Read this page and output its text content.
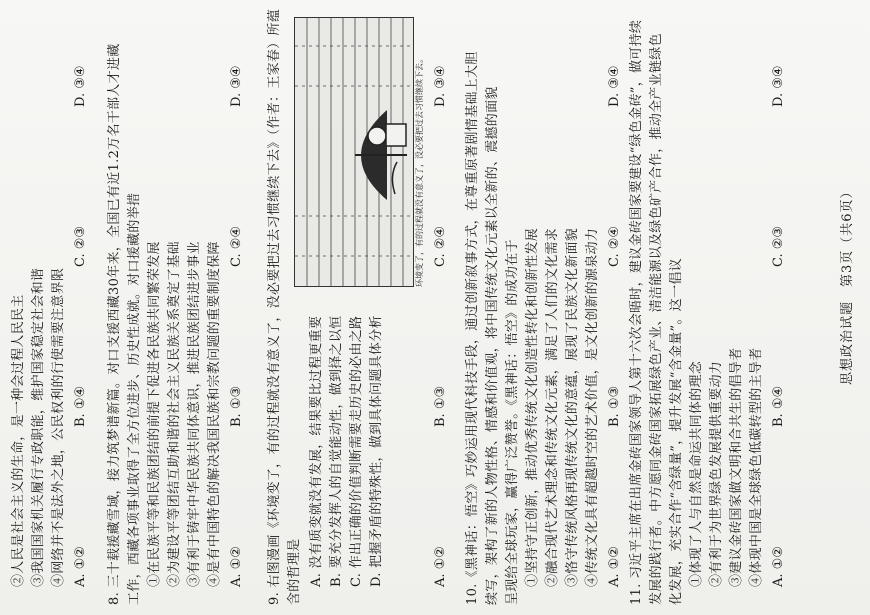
②人民是社会主义的生命，是一种会过程人民民主 ③我国国家机关履行专政职能，维护国家稳定社会和谐 ④网络并不是法外之地，公民权利的行使需要注意界限 A. ①②
B. ①④
C. ②③
D. ③④ 8. 三十载援藏雪域，接力筑梦谱新篇。对口支援西藏30年来，全国已有近1.2万名干部人才进藏 工作，西藏各项事业取得了全方位进步、历史性成就。对口援藏的举措 ①在民族平等和民族团结的前提下促进各民族共同繁荣发展 ②为建设平等团结互助和谐的社会主义民族关系奠定了基础 ③有利于铸牢中华民族共同体意识，推进民族团结进步事业 ④是有中国特色的解决我国民族和宗教问题的重要制度保障 A. ①②
B. ①③
C. ②④
D. ③④ 9. 右图漫画《环境变了，有的过程就没有意义了，没必要把过去习惯继续下去》（作者：王家春）所蕴 含的哲理是 A. 没有质变就没有发展，结果要比过程更重要 B. 要充分发挥人的自觉能动性，做到择之以恒 C. 作出正确的价值判断需要走历史的必由之路 D. 把握矛盾的特殊性，做到具体问题具体分析
环境变了，有的过程就没有意义了，没必要把过去习惯继续下去。
A. ①②
B. ①③
C. ②④
D. ③④ 10.《黑神话：悟空》巧妙运用现代科技手段，通过创新叙事方式，在尊重原著剧情基础上大胆 续写，架构了新的人物性格、情感和价值观，将中国传统文化元素以全新的、震撼的面貌 呈现给全球玩家，赢得广泛赞誉。《黑神话：悟空》的成功在于 ①坚持守正创新，推动优秀传统文化创造性转化和创新性发展 ②融合现代艺术理念和传统文化元素，满足了人们的文化需求 ③恪守传统风格再现传统文化的意蕴，展现了民族文化新面貌 ④传统文化具有超越时空的艺术价值，是文化创新的源泉动力 A. ①②
B. ①③
C. ②④
D. ③④ 11. 习近平主席在出席金砖国家领导人第十六次会晤时，建议金砖国家要建设“绿色金砖”，做可持续 发展的践行者。中方愿同金砖国家拓展绿色产业、清洁能源以及绿色矿产合作，推动全产业链绿色 化发展，充实合作“含绿量”，提升发展“含金量”。这一倡议 ①体现了人与自然是命运共同体的理念 ②有利于为世界绿色发展提供重要动力 ③建议金砖国家做文明和合共生的倡导者 ④体现中国是全球绿色低碳转型的主导者 A. ①②
B. ①④
C. ②③
D. ③④
思想政治试题　第3页（共6页）
